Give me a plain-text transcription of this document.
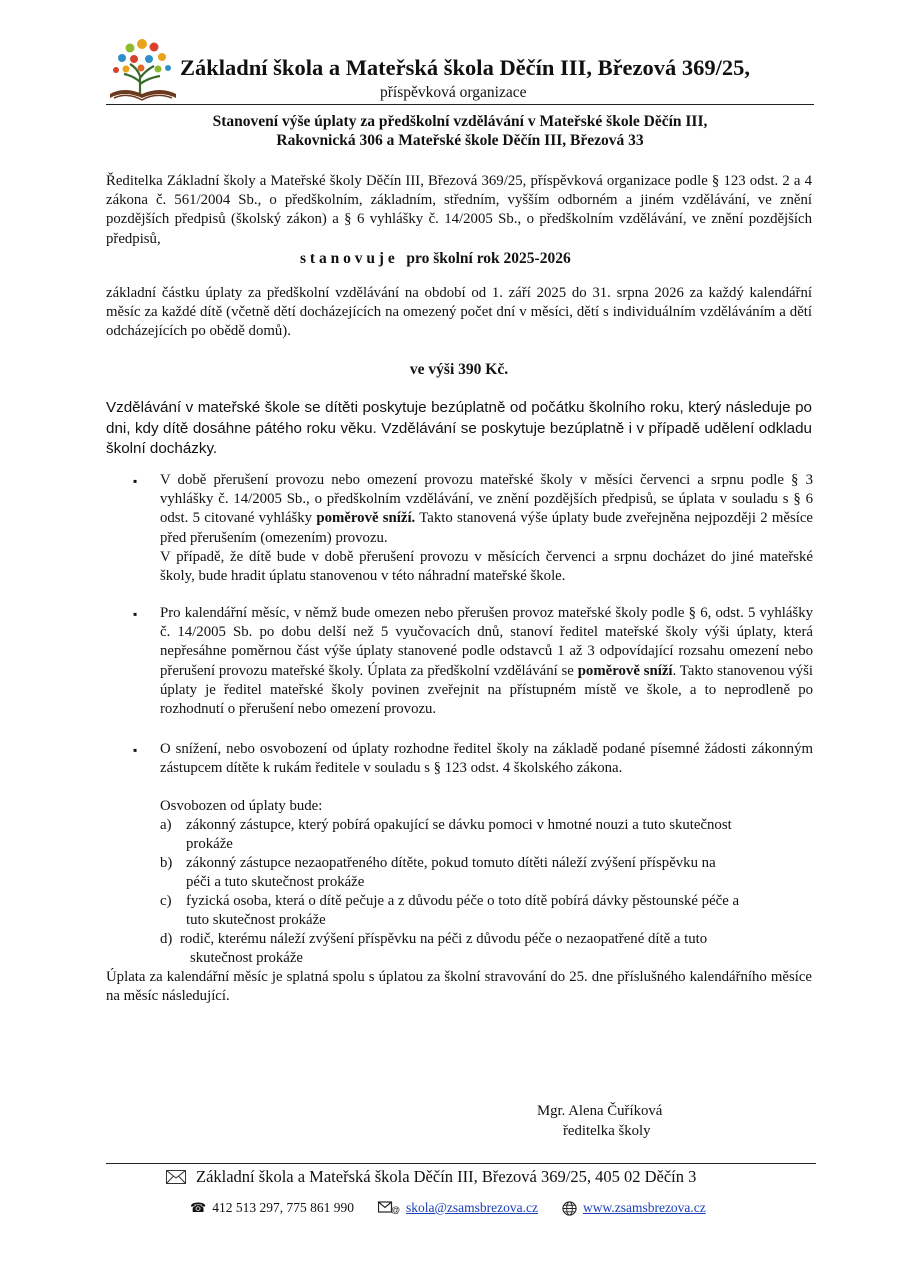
Základní škola a Mateřská škola Děčín III, Březová 369/25,
příspěvková organizace
Stanovení výše úplaty za předškolní vzdělávání v Mateřské škole Děčín III,
Rakovnická 306 a Mateřské škole Děčín III, Březová 33
Ředitelka Základní školy a Mateřské školy Děčín III, Březová 369/25, příspěvková organizace podle § 123 odst. 2 a 4 zákona č. 561/2004 Sb., o předškolním, základním, středním, vyšším odborném a jiném vzdělávání, ve znění pozdějších předpisů (školský zákon) a § 6 vyhlášky č. 14/2005 Sb., o předškolním vzdělávání, ve znění pozdějších předpisů,
s t a n o v u j e   pro školní rok 2025-2026
základní částku úplaty za předškolní vzdělávání na období od 1. září 2025 do 31. srpna 2026 za každý kalendářní měsíc za každé dítě (včetně dětí docházejících na omezený počet dní v měsíci, dětí s individuálním vzděláváním a dětí odcházejících po obědě domů).
ve výši 390 Kč.
Vzdělávání v mateřské škole se dítěti poskytuje bezúplatně od počátku školního roku, který následuje po dni, kdy dítě dosáhne pátého roku věku. Vzdělávání se poskytuje bezúplatně i v případě udělení odkladu školní docházky.
▪ V době přerušení provozu nebo omezení provozu mateřské školy v měsíci červenci a srpnu podle § 3 vyhlášky č. 14/2005 Sb., o předškolním vzdělávání, ve znění pozdějších předpisů, se úplata v souladu s § 6 odst. 5 citované vyhlášky poměrově sníží. Takto stanovená výše úplaty bude zveřejněna nejpozději 2 měsíce před přerušením (omezením) provozu.
V případě, že dítě bude v době přerušení provozu v měsících červenci a srpnu docházet do jiné mateřské školy, bude hradit úplatu stanovenou v této náhradní mateřské škole.
▪ Pro kalendářní měsíc, v němž bude omezen nebo přerušen provoz mateřské školy podle § 6, odst. 5 vyhlášky č. 14/2005 Sb. po dobu delší než 5 vyučovacích dnů, stanoví ředitel mateřské školy výši úplaty, která nepřesáhne poměrnou část výše úplaty stanovené podle odstavců 1 až 3 odpovídající rozsahu omezení nebo přerušení provozu mateřské školy. Úplata za předškolní vzdělávání se poměrově sníží. Takto stanovenou výši úplaty je ředitel mateřské školy povinen zveřejnit na přístupném místě ve škole, a to neprodleně po rozhodnutí o přerušení nebo omezení provozu.
▪ O snížení, nebo osvobození od úplaty rozhodne ředitel školy na základě podané písemné žádosti zákonným zástupcem dítěte k rukám ředitele v souladu s § 123 odst. 4 školského zákona.
Osvobozen od úplaty bude:
a) zákonný zástupce, který pobírá opakující se dávku pomoci v hmotné nouzi a tuto skutečnost
prokáže
b) zákonný zástupce nezaopatřeného dítěte, pokud tomuto dítěti náleží zvýšení příspěvku na
péči a tuto skutečnost prokáže
c) fyzická osoba, která o dítě pečuje a z důvodu péče o toto dítě pobírá dávky pěstounské péče a
tuto skutečnost prokáže
d) rodič, kterému náleží zvýšení příspěvku na péči z důvodu péče o nezaopatřené dítě a tuto
skutečnost prokáže
Úplata za kalendářní měsíc je splatná spolu s úplatou za školní stravování do 25. dne příslušného kalendářního měsíce na měsíc následující.
Mgr. Alena Čuříková
ředitelka školy
Základní škola a Mateřská škola Děčín III, Březová 369/25, 405 02 Děčín 3
☎ 412 513 297, 775 861 990	@ skola@zsamsbrezova.cz	www.zsamsbrezova.cz
